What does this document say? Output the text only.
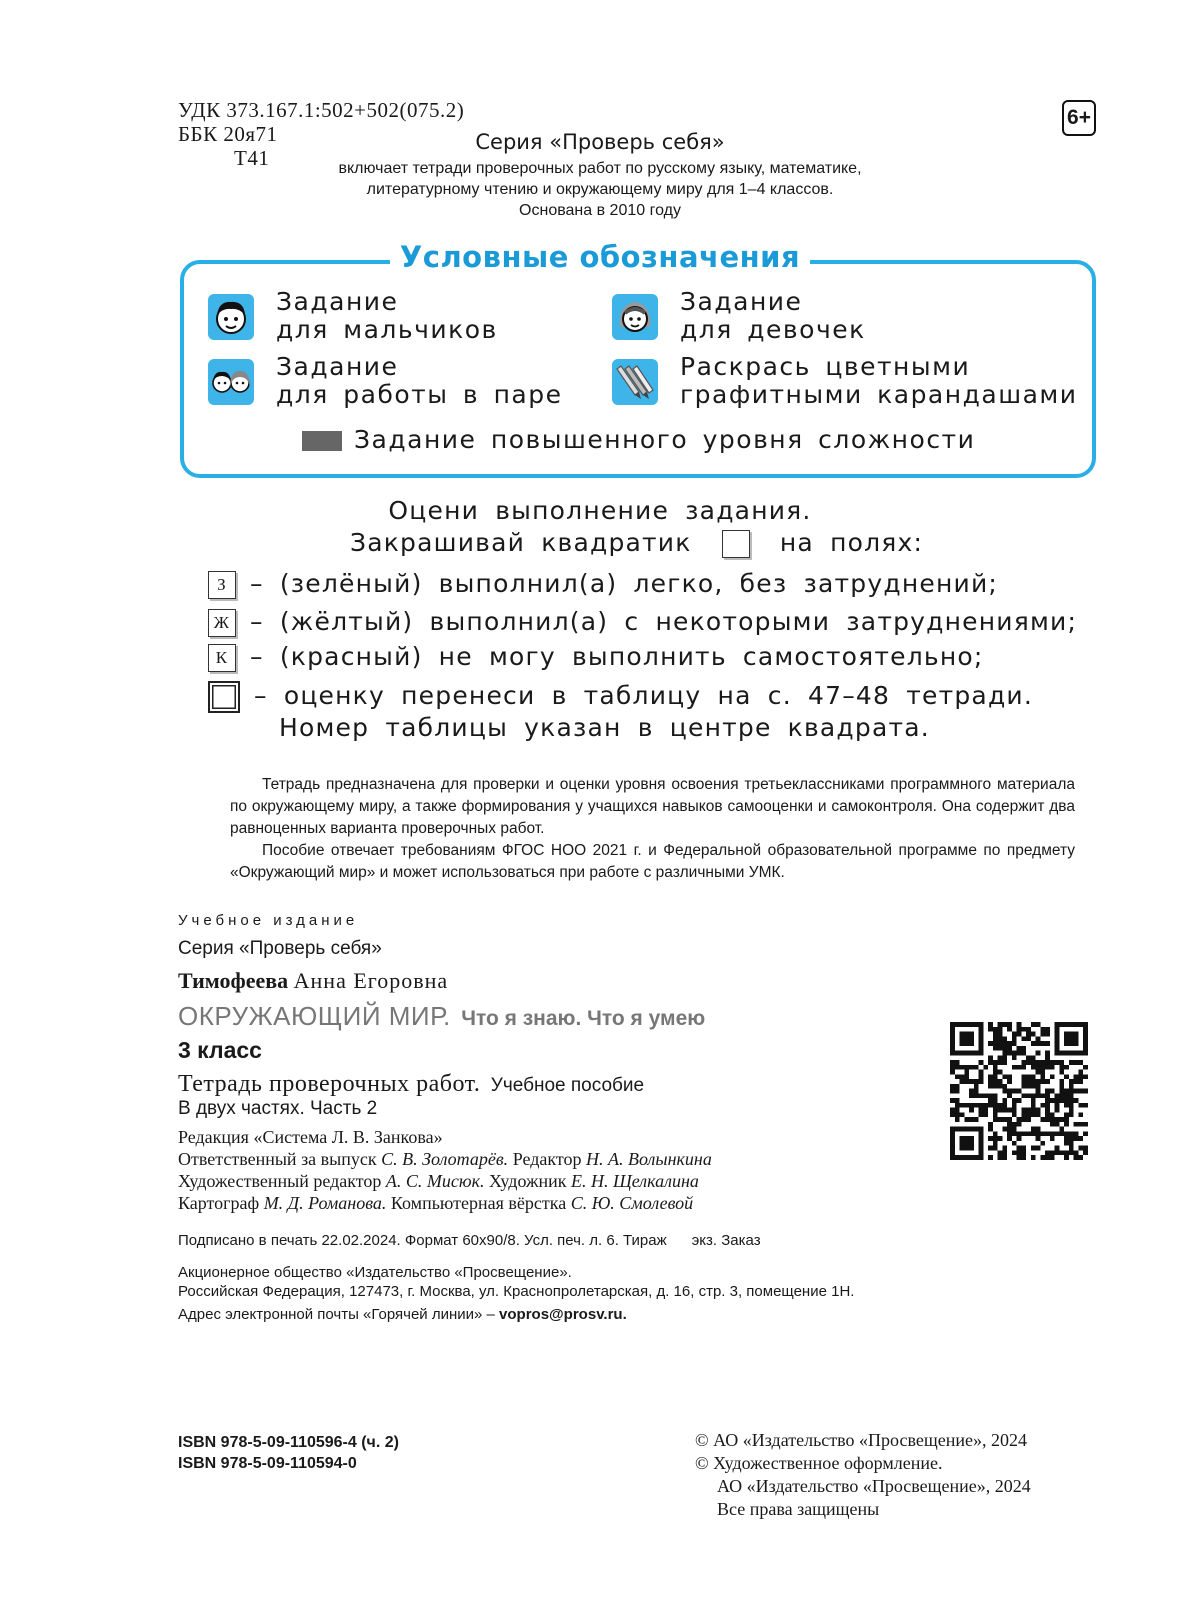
УДК 373.167.1:502+502(075.2)
ББК 20я71
Т41
6+
Серия «Проверь себя»
включает тетради проверочных работ по русскому языку, математике,
литературному чтению и окружающему миру для 1–4 классов.
Основана в 2010 году
Условные обозначения
Задание
для мальчиков
Задание
для девочек
Задание
для работы в паре
Раскрась цветными
графитными карандашами
Задание повышенного уровня сложности
Оцени выполнение задания.
Закрашивай квадратик	на полях:
З – (зелёный) выполнил(а) легко, без затруднений;
Ж – (жёлтый) выполнил(а) с некоторыми затруднениями;
К – (красный) не могу выполнить самостоятельно;
– оценку перенеси в таблицу на с. 47–48 тетради.
Номер таблицы указан в центре квадрата.
Тетрадь предназначена для проверки и оценки уровня освоения третьеклассниками программного материала по окружающему миру, а также формирования у учащихся навыков самооценки и самоконтроля. Она содержит два равноценных варианта проверочных работ.
Пособие отвечает требованиям ФГОС НОО 2021 г. и Федеральной образовательной программе по предмету «Окружающий мир» и может использоваться при работе с различными УМК.
Учебное издание
Серия «Проверь себя»
Тимофеева Анна Егоровна
ОКРУЖАЮЩИЙ МИР. Что я знаю. Что я умею
3 класс
Тетрадь проверочных работ. Учебное пособие
В двух частях. Часть 2
Редакция «Система Л. В. Занкова»
Ответственный за выпуск С. В. Золотарёв. Редактор Н. А. Волынкина
Художественный редактор А. С. Мисюк. Художник Е. Н. Щелкалина
Картограф М. Д. Романова. Компьютерная вёрстка С. Ю. Смолевой
Подписано в печать 22.02.2024. Формат 60x90/8. Усл. печ. л. 6. Тираж      экз. Заказ
Акционерное общество «Издательство «Просвещение».
Российская Федерация, 127473, г. Москва, ул. Краснопролетарская, д. 16, стр. 3, помещение 1Н.
Адрес электронной почты «Горячей линии» – vopros@prosv.ru.
ISBN 978-5-09-110596-4 (ч. 2)
ISBN 978-5-09-110594-0
© АО «Издательство «Просвещение», 2024
© Художественное оформление.
АО «Издательство «Просвещение», 2024
Все права защищены
